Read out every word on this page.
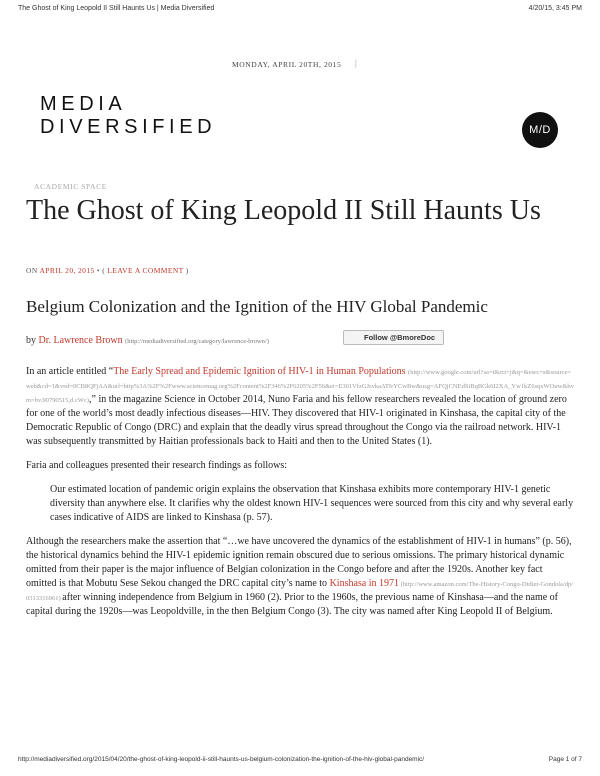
The Ghost of King Leopold II Still Haunts Us | Media Diversified	4/20/15, 3:45 PM
MONDAY, APRIL 20TH, 2015 |
MEDIA
DIVERSIFIED	M/D
ACADEMIC SPACE
The Ghost of King Leopold II Still Haunts Us
ON APRIL 20, 2015 • ( LEAVE A COMMENT )
Belgium Colonization and the Ignition of the HIV Global Pandemic
by Dr. Lawrence Brown (http://mediadiversified.org/category/lawrence-brown/)	Follow @BmoreDoc

In an article entitled “The Early Spread and Epidemic Ignition of HIV-1 in Human Populations (http://www.google.com/url?sa=t&rct=j&q=&esrc=s&source=web&cd=1&ved=0CB8QFjAA&url=http%3A%2F%2Fwww.sciencemag.org%2Fcontent%2F346%2F6205%2F56&ei=E301VfzGJsvkaATIrYCwBw&usg=AFQjCNEdSiBqBGk6I2XA_Yw1kZ6sqxWOuw&bvm=bv.90790515,d.cWc),” in the magazine Science in October 2014, Nuno Faria and his fellow researchers revealed the location of ground zero for one of the world’s most deadly infectious diseases—HIV. They discovered that HIV-1 originated in Kinshasa, the capital city of the Democratic Republic of Congo (DRC) and explain that the deadly virus spread throughout the Congo via the railroad network. HIV-1 was subsequently transmitted by Haitian professionals back to Haiti and then to the United States (1).

Faria and colleagues presented their research findings as follows:

Our estimated location of pandemic origin explains the observation that Kinshasa exhibits more contemporary HIV-1 genetic diversity than anywhere else. It clarifies why the oldest known HIV-1 sequences were sourced from this city and why several early cases indicative of AIDS are linked to Kinshasa (p. 57).

Although the researchers make the assertion that “…we have uncovered the dynamics of the establishment of HIV-1 in humans” (p. 56), the historical dynamics behind the HIV-1 epidemic ignition remain obscured due to serious omissions. The primary historical dynamic omitted from their paper is the major influence of Belgian colonization in the Congo before and after the 1920s. Another key fact omitted is that Mobutu Sese Sekou changed the DRC capital city’s name to Kinshasa in 1971 (http://www.amazon.com/The-History-Congo-Didier-Gondola/dp/0313316961) after winning independence from Belgium in 1960 (2). Prior to the 1960s, the previous name of Kinshasa—and the name of capital during the 1920s—was Leopoldville, in the then Belgium Congo (3). The city was named after King Leopold II of Belgium.

http://mediadiversified.org/2015/04/20/the-ghost-of-king-leopold-ii-still-haunts-us-belgium-colonization-the-ignition-of-the-hiv-global-pandemic/	Page 1 of 7
